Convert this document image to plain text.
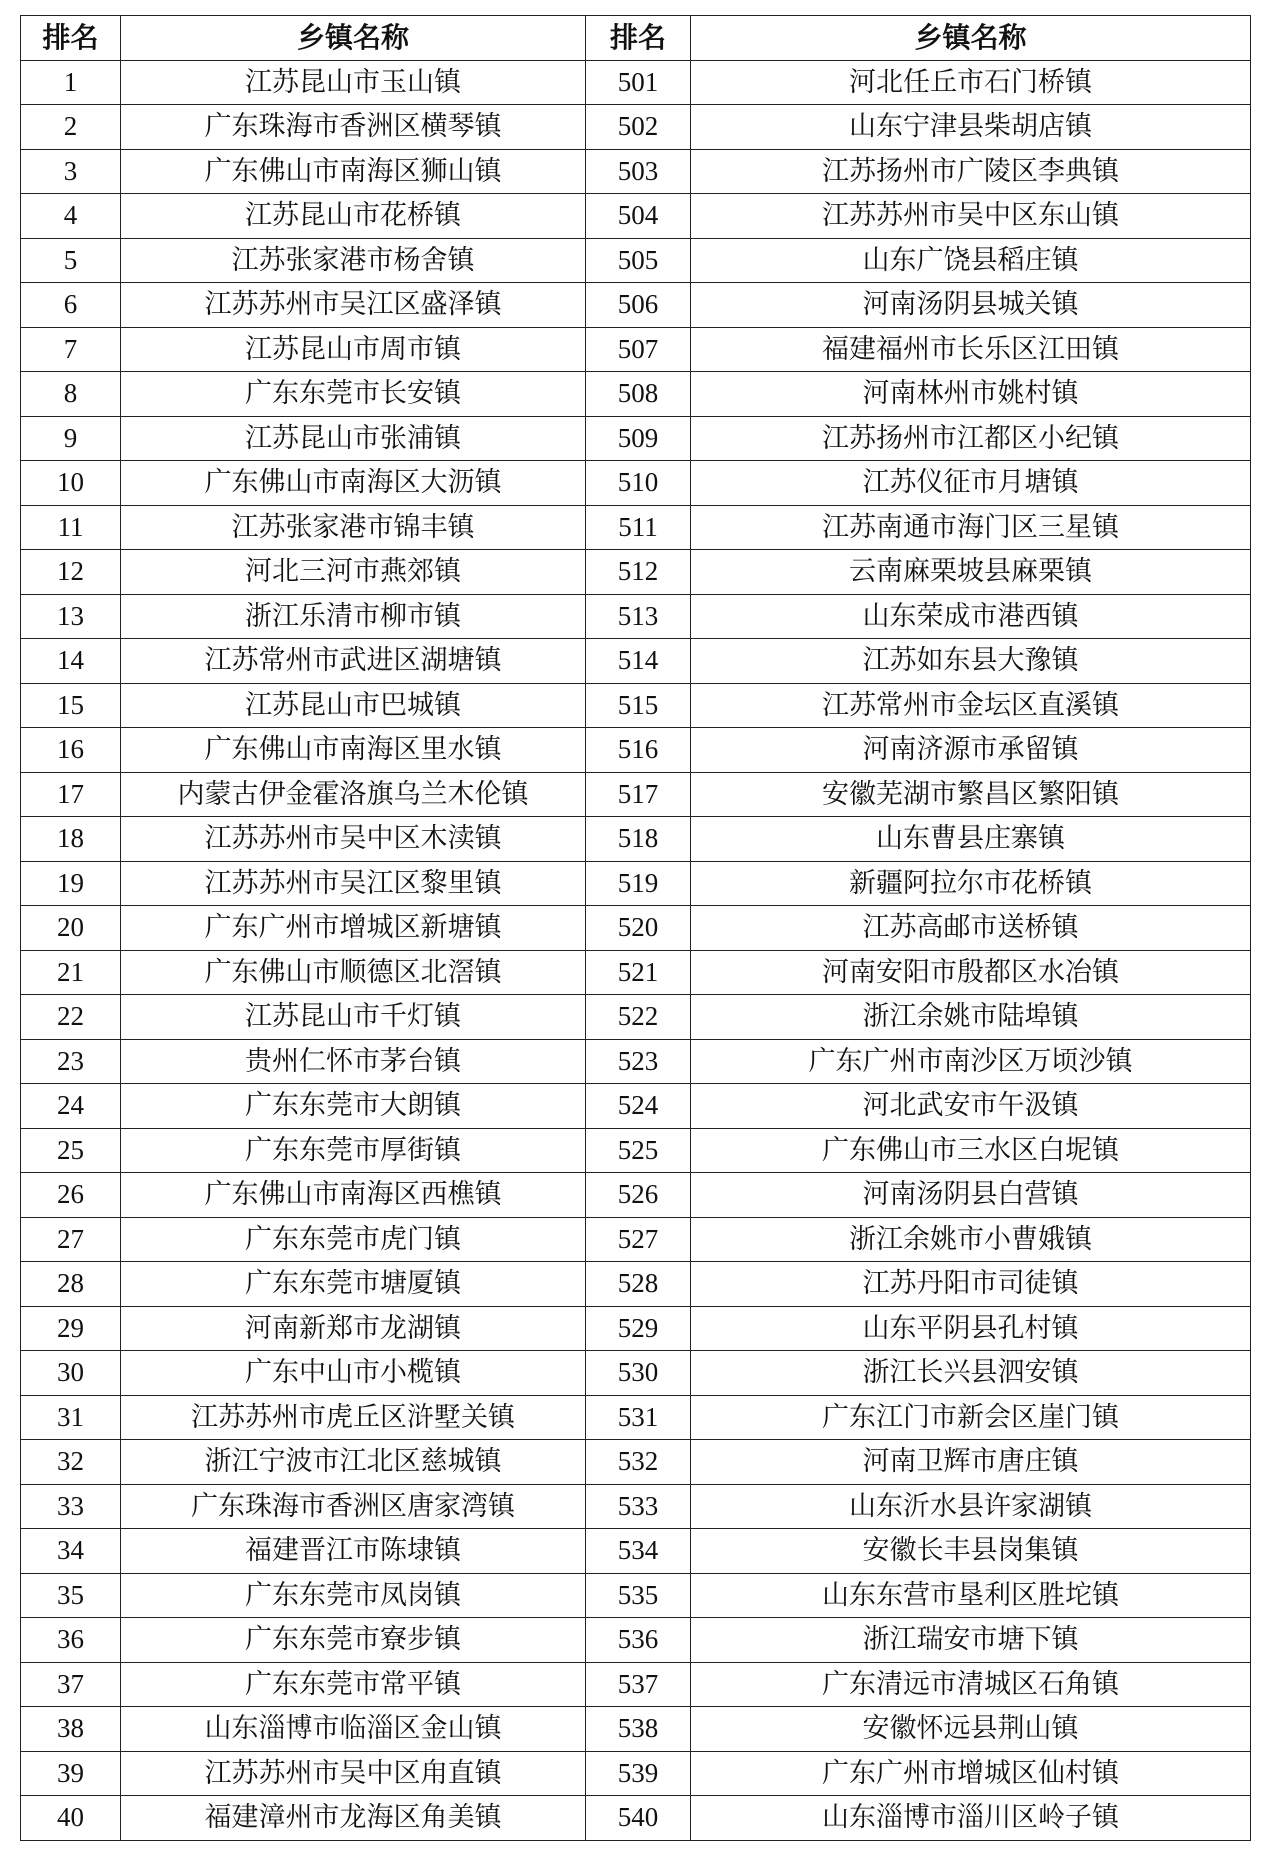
排名	乡镇名称	排名	乡镇名称
1	江苏昆山市玉山镇	501	河北任丘市石门桥镇
2	广东珠海市香洲区横琴镇	502	山东宁津县柴胡店镇
3	广东佛山市南海区狮山镇	503	江苏扬州市广陵区李典镇
4	江苏昆山市花桥镇	504	江苏苏州市吴中区东山镇
5	江苏张家港市杨舍镇	505	山东广饶县稻庄镇
6	江苏苏州市吴江区盛泽镇	506	河南汤阴县城关镇
7	江苏昆山市周市镇	507	福建福州市长乐区江田镇
8	广东东莞市长安镇	508	河南林州市姚村镇
9	江苏昆山市张浦镇	509	江苏扬州市江都区小纪镇
10	广东佛山市南海区大沥镇	510	江苏仪征市月塘镇
11	江苏张家港市锦丰镇	511	江苏南通市海门区三星镇
12	河北三河市燕郊镇	512	云南麻栗坡县麻栗镇
13	浙江乐清市柳市镇	513	山东荣成市港西镇
14	江苏常州市武进区湖塘镇	514	江苏如东县大豫镇
15	江苏昆山市巴城镇	515	江苏常州市金坛区直溪镇
16	广东佛山市南海区里水镇	516	河南济源市承留镇
17	内蒙古伊金霍洛旗乌兰木伦镇	517	安徽芜湖市繁昌区繁阳镇
18	江苏苏州市吴中区木渎镇	518	山东曹县庄寨镇
19	江苏苏州市吴江区黎里镇	519	新疆阿拉尔市花桥镇
20	广东广州市增城区新塘镇	520	江苏高邮市送桥镇
21	广东佛山市顺德区北滘镇	521	河南安阳市殷都区水冶镇
22	江苏昆山市千灯镇	522	浙江余姚市陆埠镇
23	贵州仁怀市茅台镇	523	广东广州市南沙区万顷沙镇
24	广东东莞市大朗镇	524	河北武安市午汲镇
25	广东东莞市厚街镇	525	广东佛山市三水区白坭镇
26	广东佛山市南海区西樵镇	526	河南汤阴县白营镇
27	广东东莞市虎门镇	527	浙江余姚市小曹娥镇
28	广东东莞市塘厦镇	528	江苏丹阳市司徒镇
29	河南新郑市龙湖镇	529	山东平阴县孔村镇
30	广东中山市小榄镇	530	浙江长兴县泗安镇
31	江苏苏州市虎丘区浒墅关镇	531	广东江门市新会区崖门镇
32	浙江宁波市江北区慈城镇	532	河南卫辉市唐庄镇
33	广东珠海市香洲区唐家湾镇	533	山东沂水县许家湖镇
34	福建晋江市陈埭镇	534	安徽长丰县岗集镇
35	广东东莞市凤岗镇	535	山东东营市垦利区胜坨镇
36	广东东莞市寮步镇	536	浙江瑞安市塘下镇
37	广东东莞市常平镇	537	广东清远市清城区石角镇
38	山东淄博市临淄区金山镇	538	安徽怀远县荆山镇
39	江苏苏州市吴中区甪直镇	539	广东广州市增城区仙村镇
40	福建漳州市龙海区角美镇	540	山东淄博市淄川区岭子镇
